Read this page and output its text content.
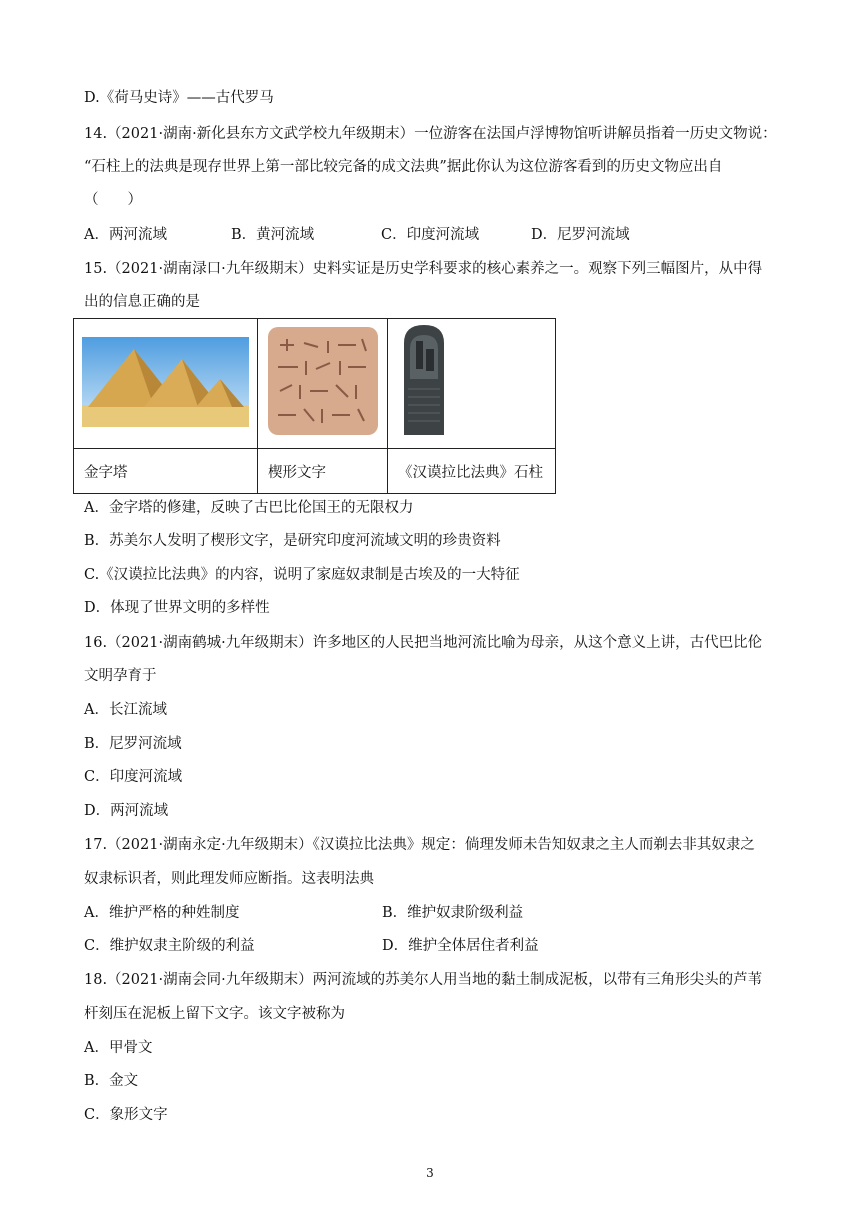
D.《荷马史诗》——古代罗马
14.（2021·湖南·新化县东方文武学校九年级期末）一位游客在法国卢浮博物馆听讲解员指着一历史文物说：
“石柱上的法典是现存世界上第一部比较完备的成文法典”据此你认为这位游客看到的历史文物应出自
（　　）
A．两河流域	B．黄河流域	C．印度河流域	D．尼罗河流域
15.（2021·湖南渌口·九年级期末）史料实证是历史学科要求的核心素养之一。观察下列三幅图片，从中得
出的信息正确的是

金字塔	楔形文字	《汉谟拉比法典》石柱
A．金字塔的修建，反映了古巴比伦国王的无限权力
B．苏美尔人发明了楔形文字，是研究印度河流域文明的珍贵资料
C.《汉谟拉比法典》的内容，说明了家庭奴隶制是古埃及的一大特征
D．体现了世界文明的多样性
16.（2021·湖南鹤城·九年级期末）许多地区的人民把当地河流比喻为母亲，从这个意义上讲，古代巴比伦
文明孕育于
A．长江流域
B．尼罗河流域
C．印度河流域
D．两河流域
17.（2021·湖南永定·九年级期末）《汉谟拉比法典》规定：倘理发师未告知奴隶之主人而剃去非其奴隶之
奴隶标识者，则此理发师应断指。这表明法典
A．维护严格的种姓制度	B．维护奴隶阶级利益
C．维护奴隶主阶级的利益	D．维护全体居住者利益
18.（2021·湖南会同·九年级期末）两河流域的苏美尔人用当地的黏土制成泥板，以带有三角形尖头的芦苇
杆刻压在泥板上留下文字。该文字被称为
A．甲骨文
B．金文
C．象形文字
3
